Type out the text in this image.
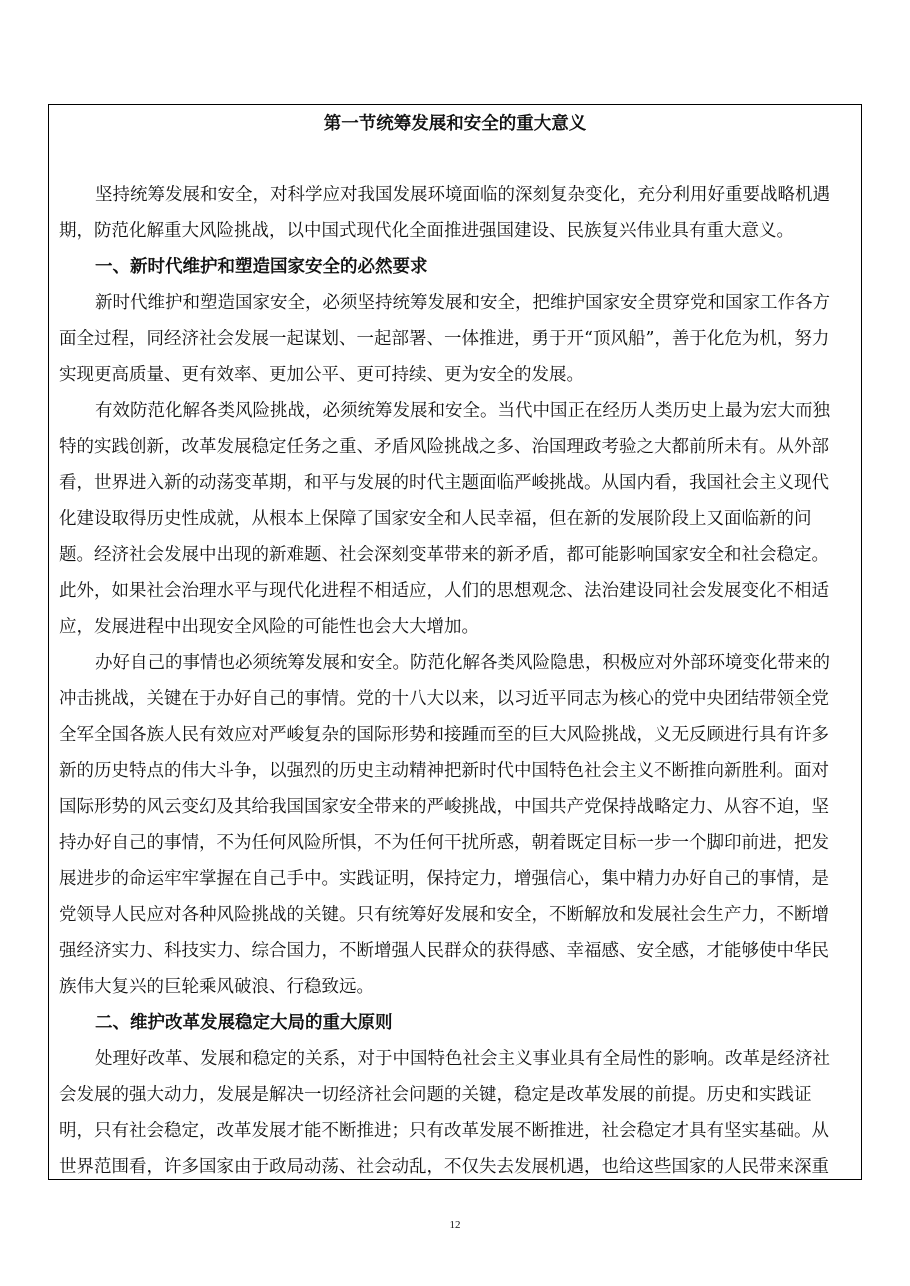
第一节统筹发展和安全的重大意义

坚持统筹发展和安全，对科学应对我国发展环境面临的深刻复杂变化，充分利用好重要战略机遇

期，防范化解重大风险挑战，以中国式现代化全面推进强国建设、民族复兴伟业具有重大意义。

一、新时代维护和塑造国家安全的必然要求

新时代维护和塑造国家安全，必须坚持统筹发展和安全，把维护国家安全贯穿党和国家工作各方

面全过程，同经济社会发展一起谋划、一起部署、一体推进，勇于开“顶风船”，善于化危为机，努力

实现更高质量、更有效率、更加公平、更可持续、更为安全的发展。

有效防范化解各类风险挑战，必须统筹发展和安全。当代中国正在经历人类历史上最为宏大而独

特的实践创新，改革发展稳定任务之重、矛盾风险挑战之多、治国理政考验之大都前所未有。从外部

看，世界进入新的动荡变革期，和平与发展的时代主题面临严峻挑战。从国内看，我国社会主义现代

化建设取得历史性成就，从根本上保障了国家安全和人民幸福，但在新的发展阶段上又面临新的问

题。经济社会发展中出现的新难题、社会深刻变革带来的新矛盾，都可能影响国家安全和社会稳定。

此外，如果社会治理水平与现代化进程不相适应，人们的思想观念、法治建设同社会发展变化不相适

应，发展进程中出现安全风险的可能性也会大大增加。

办好自己的事情也必须统筹发展和安全。防范化解各类风险隐患，积极应对外部环境变化带来的

冲击挑战，关键在于办好自己的事情。党的十八大以来，以习近平同志为核心的党中央团结带领全党

全军全国各族人民有效应对严峻复杂的国际形势和接踵而至的巨大风险挑战，义无反顾进行具有许多

新的历史特点的伟大斗争，以强烈的历史主动精神把新时代中国特色社会主义不断推向新胜利。面对

国际形势的风云变幻及其给我国国家安全带来的严峻挑战，中国共产党保持战略定力、从容不迫，坚

持办好自己的事情，不为任何风险所惧，不为任何干扰所惑，朝着既定目标一步一个脚印前进，把发

展进步的命运牢牢掌握在自己手中。实践证明，保持定力，增强信心，集中精力办好自己的事情，是

党领导人民应对各种风险挑战的关键。只有统筹好发展和安全，不断解放和发展社会生产力，不断增

强经济实力、科技实力、综合国力，不断增强人民群众的获得感、幸福感、安全感，才能够使中华民

族伟大复兴的巨轮乘风破浪、行稳致远。

二、维护改革发展稳定大局的重大原则

处理好改革、发展和稳定的关系，对于中国特色社会主义事业具有全局性的影响。改革是经济社

会发展的强大动力，发展是解决一切经济社会问题的关键，稳定是改革发展的前提。历史和实践证

明，只有社会稳定，改革发展才能不断推进；只有改革发展不断推进，社会稳定才具有坚实基础。从

世界范围看，许多国家由于政局动荡、社会动乱，不仅失去发展机遇，也给这些国家的人民带来深重

12
